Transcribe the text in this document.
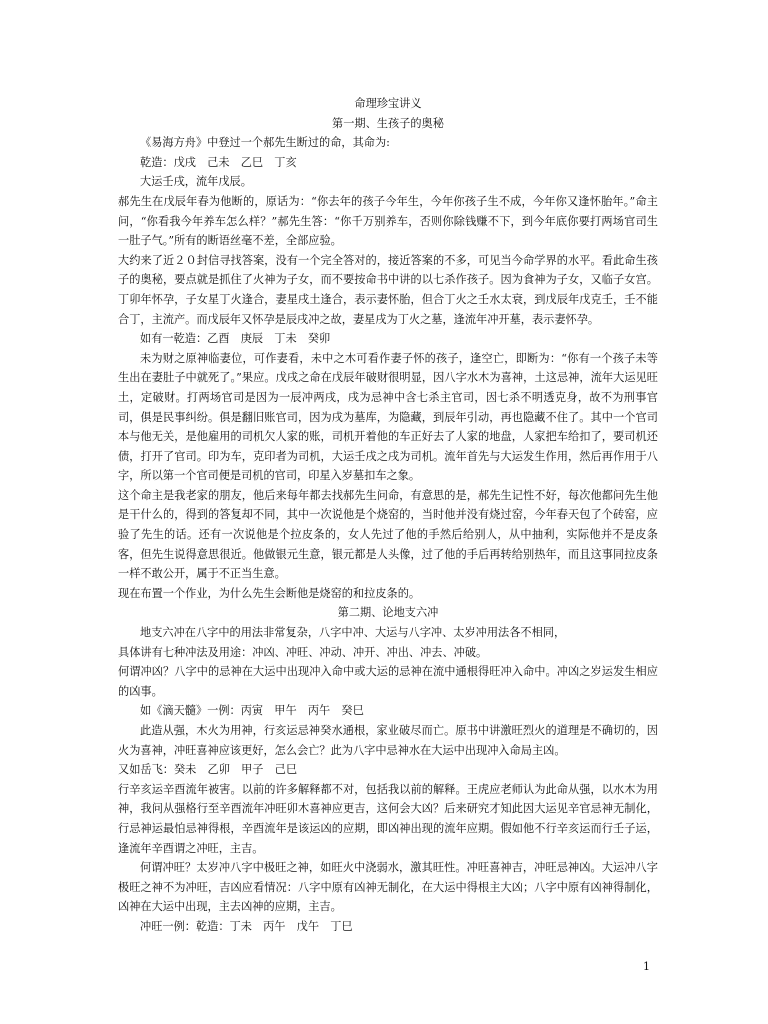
命理珍宝讲义
第一期、生孩子的奥秘

《易海方舟》中登过一个郝先生断过的命，其命为:

乾造：戊戌　己未　乙巳　丁亥

大运壬戌，流年戊辰。

郝先生在戊辰年春为他断的，原话为：“你去年的孩子今年生，今年你孩子生不成，今年你又逢怀胎年。”命主问，“你看我今年养车怎么样？”郝先生答：“你千万别养车，否则你除钱赚不下，到今年底你要打两场官司生一肚子气。”所有的断语丝毫不差，全部应验。

大约来了近２０封信寻找答案，没有一个完全答对的，接近答案的不多，可见当今命学界的水平。看此命生孩子的奥秘，要点就是抓住了火神为子女，而不要按命书中讲的以七杀作孩子。因为食神为子女，又临子女宫。丁卯年怀孕，子女星丁火逢合，妻星戌土逢合，表示妻怀胎，但合丁火之壬水太衰，到戊辰年戊克壬，壬不能合丁，主流产。而戊辰年又怀孕是辰戌冲之故，妻星戌为丁火之墓，逢流年冲开墓，表示妻怀孕。

如有一乾造：乙酉　庚辰　丁未　癸卯

未为财之原神临妻位，可作妻看，未中之木可看作妻子怀的孩子，逢空亡，即断为：“你有一个孩子未等生出在妻肚子中就死了。”果应。戊戌之命在戊辰年破财很明显，因八字水木为喜神，土这忌神，流年大运见旺土，定破财。打两场官司是因为一辰冲两戌，戌为忌神中含七杀主官司，因七杀不明透克身，故不为刑事官司，俱是民事纠纷。俱是翻旧账官司，因为戌为墓库，为隐藏，到辰年引动，再也隐藏不住了。其中一个官司本与他无关，是他雇用的司机欠人家的账，司机开着他的车正好去了人家的地盘，人家把车给扣了，要司机还债，打开了官司。印为车，克印者为司机，大运壬戌之戌为司机。流年首先与大运发生作用，然后再作用于八字，所以第一个官司便是司机的官司，印星入岁墓扣车之象。

这个命主是我老家的朋友，他后来每年都去找郝先生问命，有意思的是，郝先生记性不好，每次他都问先生他是干什么的，得到的答复却不同，其中一次说他是个烧窑的，当时他并没有烧过窑，今年春天包了个砖窑，应验了先生的话。还有一次说他是个拉皮条的，女人先过了他的手然后给别人，从中抽利，实际他并不是皮条客，但先生说得意思很近。他做银元生意，银元都是人头像，过了他的手后再转给别热年，而且这事同拉皮条一样不敢公开，属于不正当生意。

现在布置一个作业，为什么先生会断他是烧窑的和拉皮条的。

第二期、论地支六冲

地支六冲在八字中的用法非常复杂，八字中冲、大运与八字冲、太岁冲用法各不相同，

具体讲有七种冲法及用途：冲凶、冲旺、冲动、冲开、冲出、冲去、冲破。

何谓冲凶？八字中的忌神在大运中出现冲入命中或大运的忌神在流中通根得旺冲入命中。冲凶之岁运发生相应的凶事。

如《滴天髓》一例：丙寅　甲午　丙午　癸巳

此造从强，木火为用神，行亥运忌神癸水通根，家业破尽而亡。原书中讲激旺烈火的道理是不确切的，因火为喜神，冲旺喜神应该更好，怎么会亡？此为八字中忌神水在大运中出现冲入命局主凶。

又如岳飞：癸未　乙卯　甲子　己巳

行辛亥运辛酉流年被害。以前的许多解释都不对，包括我以前的解释。王虎应老师认为此命从强，以水木为用神，我问从强格行至辛酉流年冲旺卯木喜神应更吉，这何会大凶？后来研究才知此因大运见辛官忌神无制化，行忌神运最怕忌神得根，辛酉流年是该运凶的应期，即凶神出现的流年应期。假如他不行辛亥运而行壬子运，逢流年辛酉谓之冲旺，主吉。

何谓冲旺？太岁冲八字中极旺之神，如旺火中浇弱水，激其旺性。冲旺喜神吉，冲旺忌神凶。大运冲八字极旺之神不为冲旺，吉凶应看情况：八字中原有凶神无制化，在大运中得根主大凶；八字中原有凶神得制化，凶神在大运中出现，主去凶神的应期，主吉。

冲旺一例：乾造：丁未　丙午　戊午　丁巳

1
